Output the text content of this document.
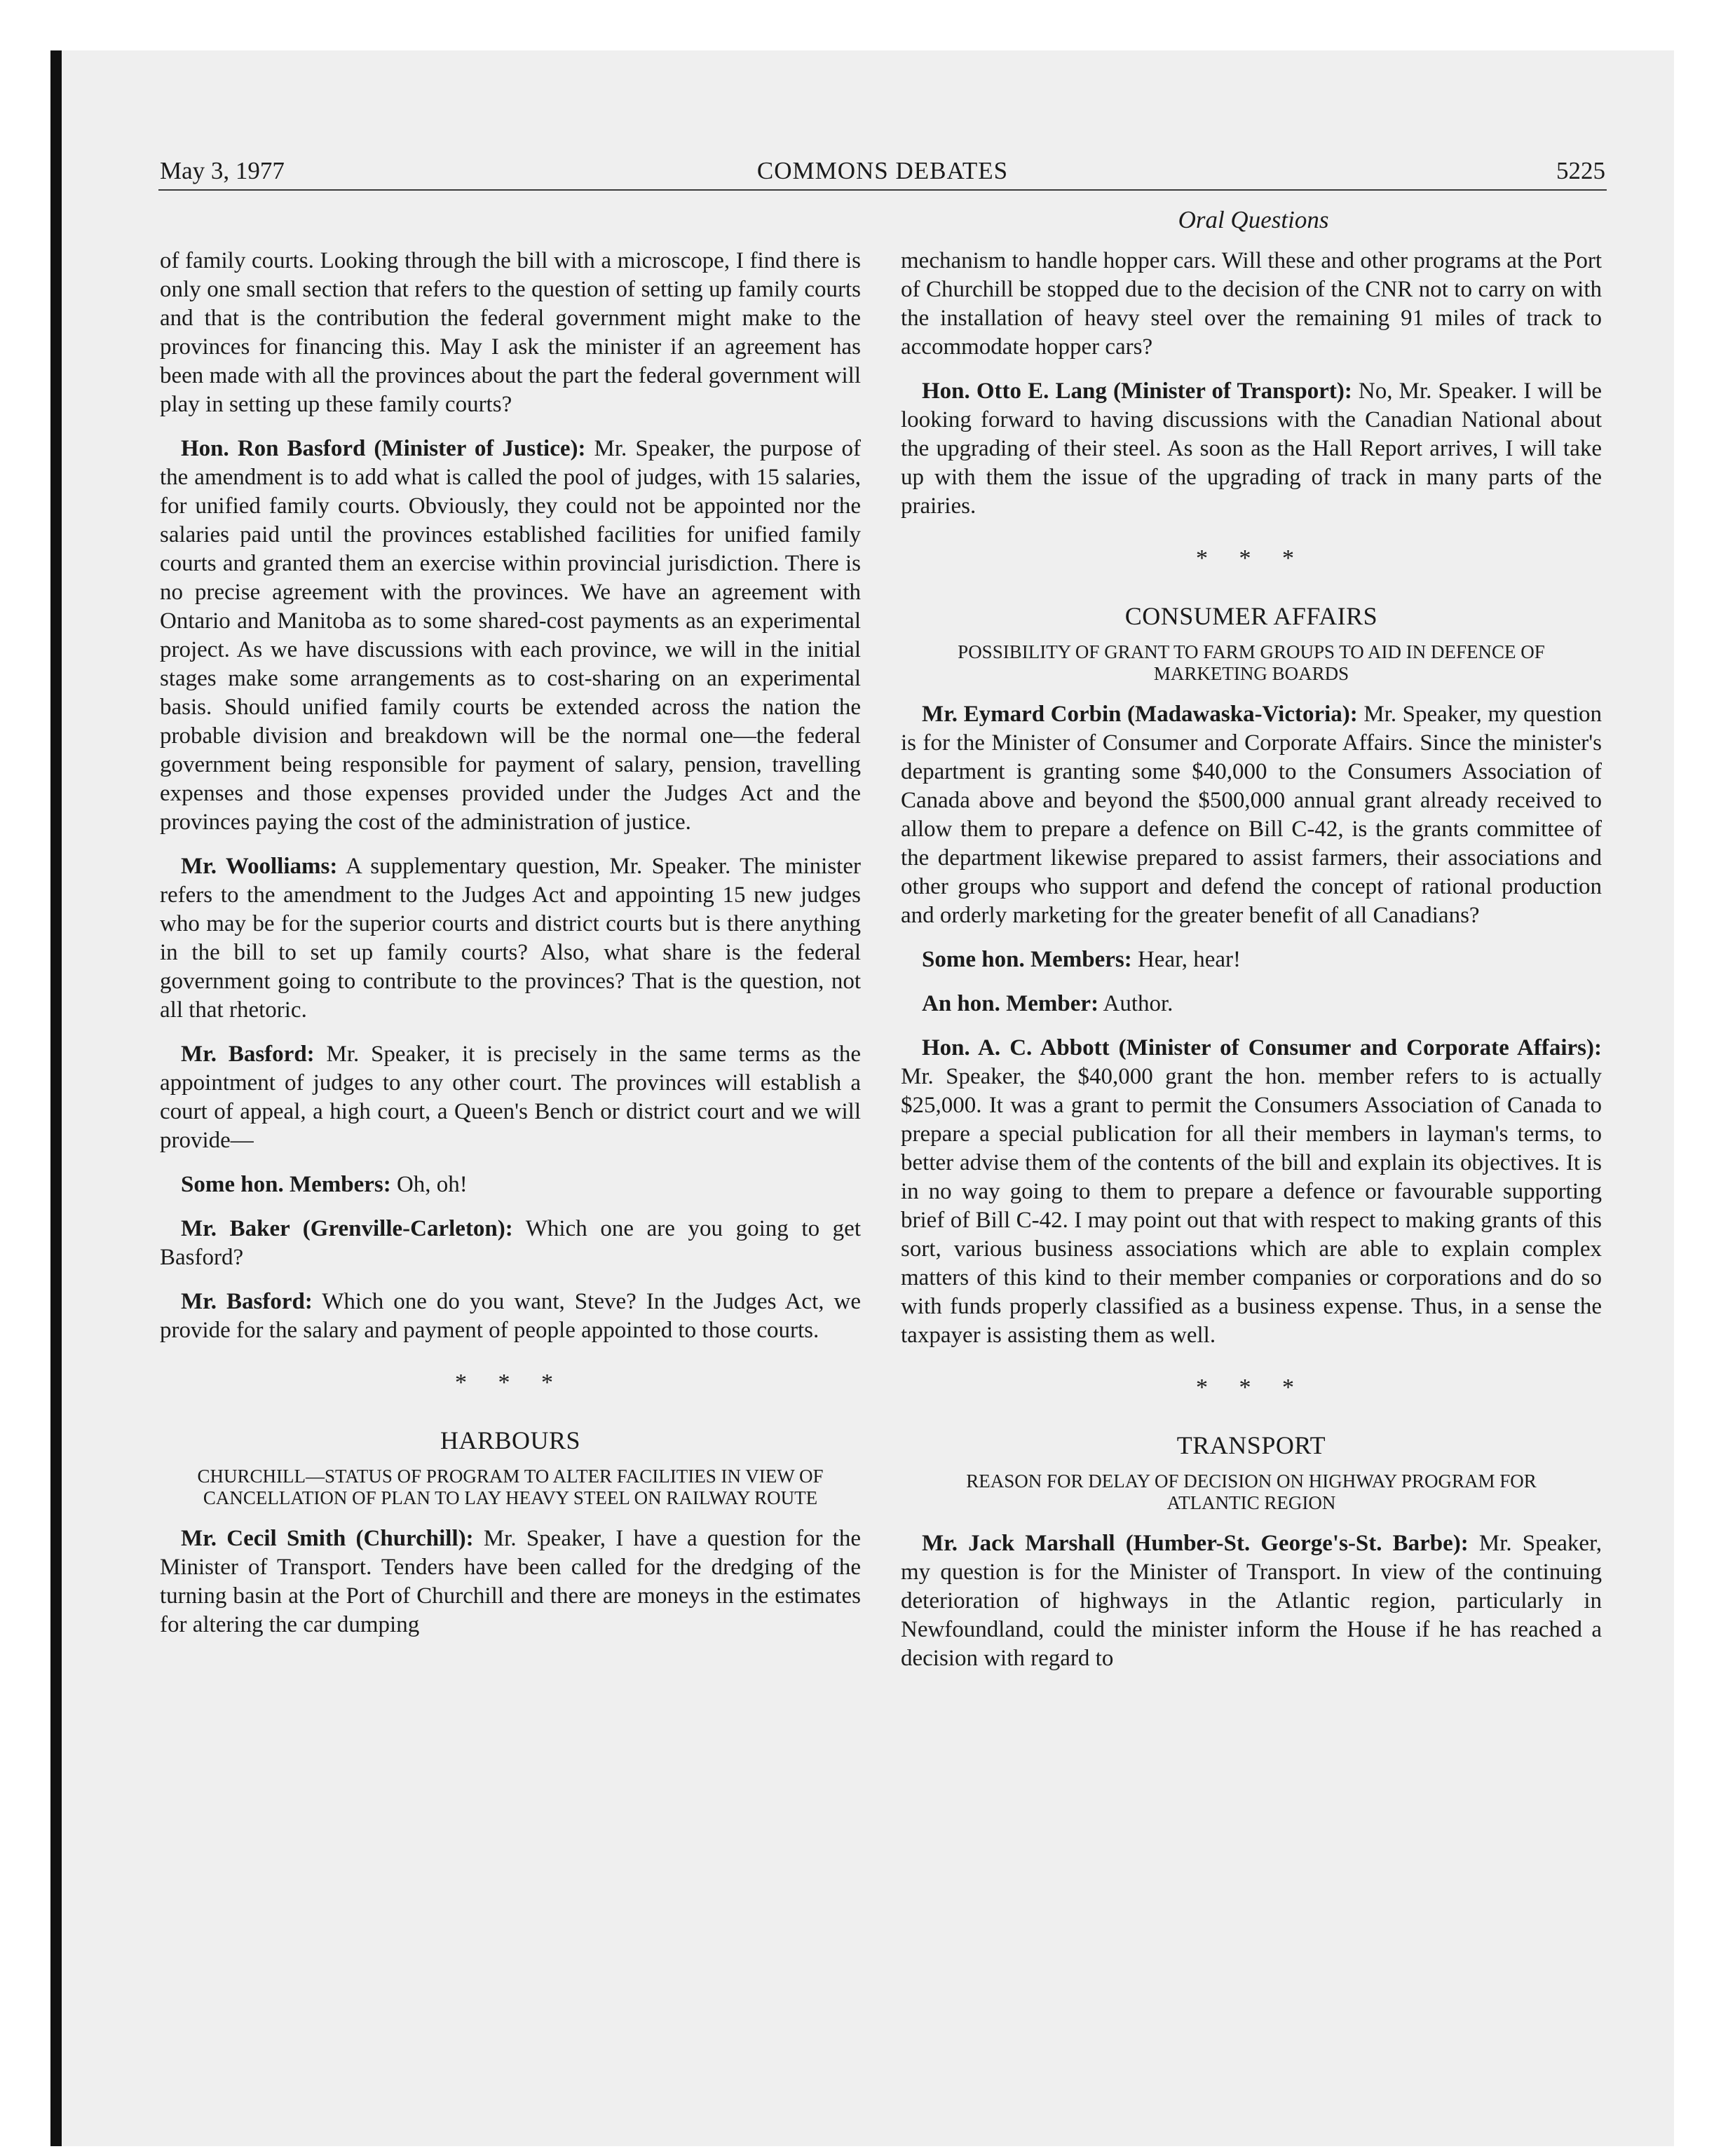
May 3, 1977	COMMONS DEBATES	5225
Oral Questions

of family courts. Looking through the bill with a microscope, I find there is only one small section that refers to the question of setting up family courts and that is the contribution the federal government might make to the provinces for financing this. May I ask the minister if an agreement has been made with all the provinces about the part the federal government will play in setting up these family courts?

Hon. Ron Basford (Minister of Justice): Mr. Speaker, the purpose of the amendment is to add what is called the pool of judges, with 15 salaries, for unified family courts. Obviously, they could not be appointed nor the salaries paid until the provinces established facilities for unified family courts and granted them an exercise within provincial jurisdiction. There is no precise agreement with the provinces. We have an agreement with Ontario and Manitoba as to some shared-cost payments as an experimental project. As we have discussions with each province, we will in the initial stages make some arrangements as to cost-sharing on an experimental basis. Should unified family courts be extended across the nation the probable division and breakdown will be the normal one—the federal government being responsible for payment of salary, pension, travelling expenses and those expenses provided under the Judges Act and the provinces paying the cost of the administration of justice.

Mr. Woolliams: A supplementary question, Mr. Speaker. The minister refers to the amendment to the Judges Act and appointing 15 new judges who may be for the superior courts and district courts but is there anything in the bill to set up family courts? Also, what share is the federal government going to contribute to the provinces? That is the question, not all that rhetoric.

Mr. Basford: Mr. Speaker, it is precisely in the same terms as the appointment of judges to any other court. The provinces will establish a court of appeal, a high court, a Queen's Bench or district court and we will provide—

Some hon. Members: Oh, oh!

Mr. Baker (Grenville-Carleton): Which one are you going to get Basford?

Mr. Basford: Which one do you want, Steve? In the Judges Act, we provide for the salary and payment of people appointed to those courts.

* * *
HARBOURS
CHURCHILL—STATUS OF PROGRAM TO ALTER FACILITIES IN VIEW OF CANCELLATION OF PLAN TO LAY HEAVY STEEL ON RAILWAY ROUTE

Mr. Cecil Smith (Churchill): Mr. Speaker, I have a question for the Minister of Transport. Tenders have been called for the dredging of the turning basin at the Port of Churchill and there are moneys in the estimates for altering the car dumping

mechanism to handle hopper cars. Will these and other programs at the Port of Churchill be stopped due to the decision of the CNR not to carry on with the installation of heavy steel over the remaining 91 miles of track to accommodate hopper cars?

Hon. Otto E. Lang (Minister of Transport): No, Mr. Speaker. I will be looking forward to having discussions with the Canadian National about the upgrading of their steel. As soon as the Hall Report arrives, I will take up with them the issue of the upgrading of track in many parts of the prairies.

* * *
CONSUMER AFFAIRS
POSSIBILITY OF GRANT TO FARM GROUPS TO AID IN DEFENCE OF MARKETING BOARDS

Mr. Eymard Corbin (Madawaska-Victoria): Mr. Speaker, my question is for the Minister of Consumer and Corporate Affairs. Since the minister's department is granting some $40,000 to the Consumers Association of Canada above and beyond the $500,000 annual grant already received to allow them to prepare a defence on Bill C-42, is the grants committee of the department likewise prepared to assist farmers, their associations and other groups who support and defend the concept of rational production and orderly marketing for the greater benefit of all Canadians?

Some hon. Members: Hear, hear!

An hon. Member: Author.

Hon. A. C. Abbott (Minister of Consumer and Corporate Affairs): Mr. Speaker, the $40,000 grant the hon. member refers to is actually $25,000. It was a grant to permit the Consumers Association of Canada to prepare a special publication for all their members in layman's terms, to better advise them of the contents of the bill and explain its objectives. It is in no way going to them to prepare a defence or favourable supporting brief of Bill C-42. I may point out that with respect to making grants of this sort, various business associations which are able to explain complex matters of this kind to their member companies or corporations and do so with funds properly classified as a business expense. Thus, in a sense the taxpayer is assisting them as well.

* * *
TRANSPORT
REASON FOR DELAY OF DECISION ON HIGHWAY PROGRAM FOR ATLANTIC REGION

Mr. Jack Marshall (Humber-St. George's-St. Barbe): Mr. Speaker, my question is for the Minister of Transport. In view of the continuing deterioration of highways in the Atlantic region, particularly in Newfoundland, could the minister inform the House if he has reached a decision with regard to
